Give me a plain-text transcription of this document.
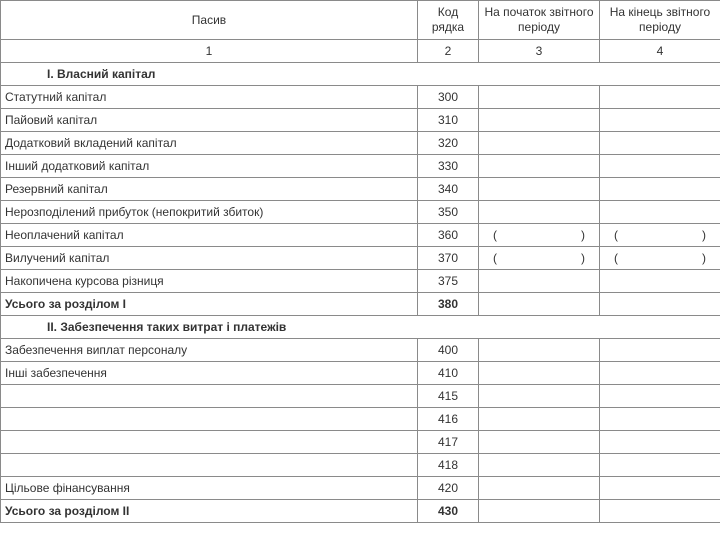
Пасив	Код рядка	На початок звітного періоду	На кінець звітного періоду
1	2	3	4
I. Власний капітал			
Статутний капітал	300		
Пайовий капітал	310		
Додатковий вкладений капітал	320		
Інший додатковий капітал	330		
Резервний капітал	340		
Нерозподілений прибуток (непокритий збиток)	350		
Неоплачений капітал	360	( )	( )

Вилучений капітал	370	( )	( )

Накопичена курсова різниця	375		
Усього за розділом I	380		
II. Забезпечення таких витрат і платежів			
Забезпечення виплат персоналу	400		
Інші забезпечення	410		
	415		
	416		
	417		
	418		
Цільове фінансування	420		
Усього за розділом II	430		
